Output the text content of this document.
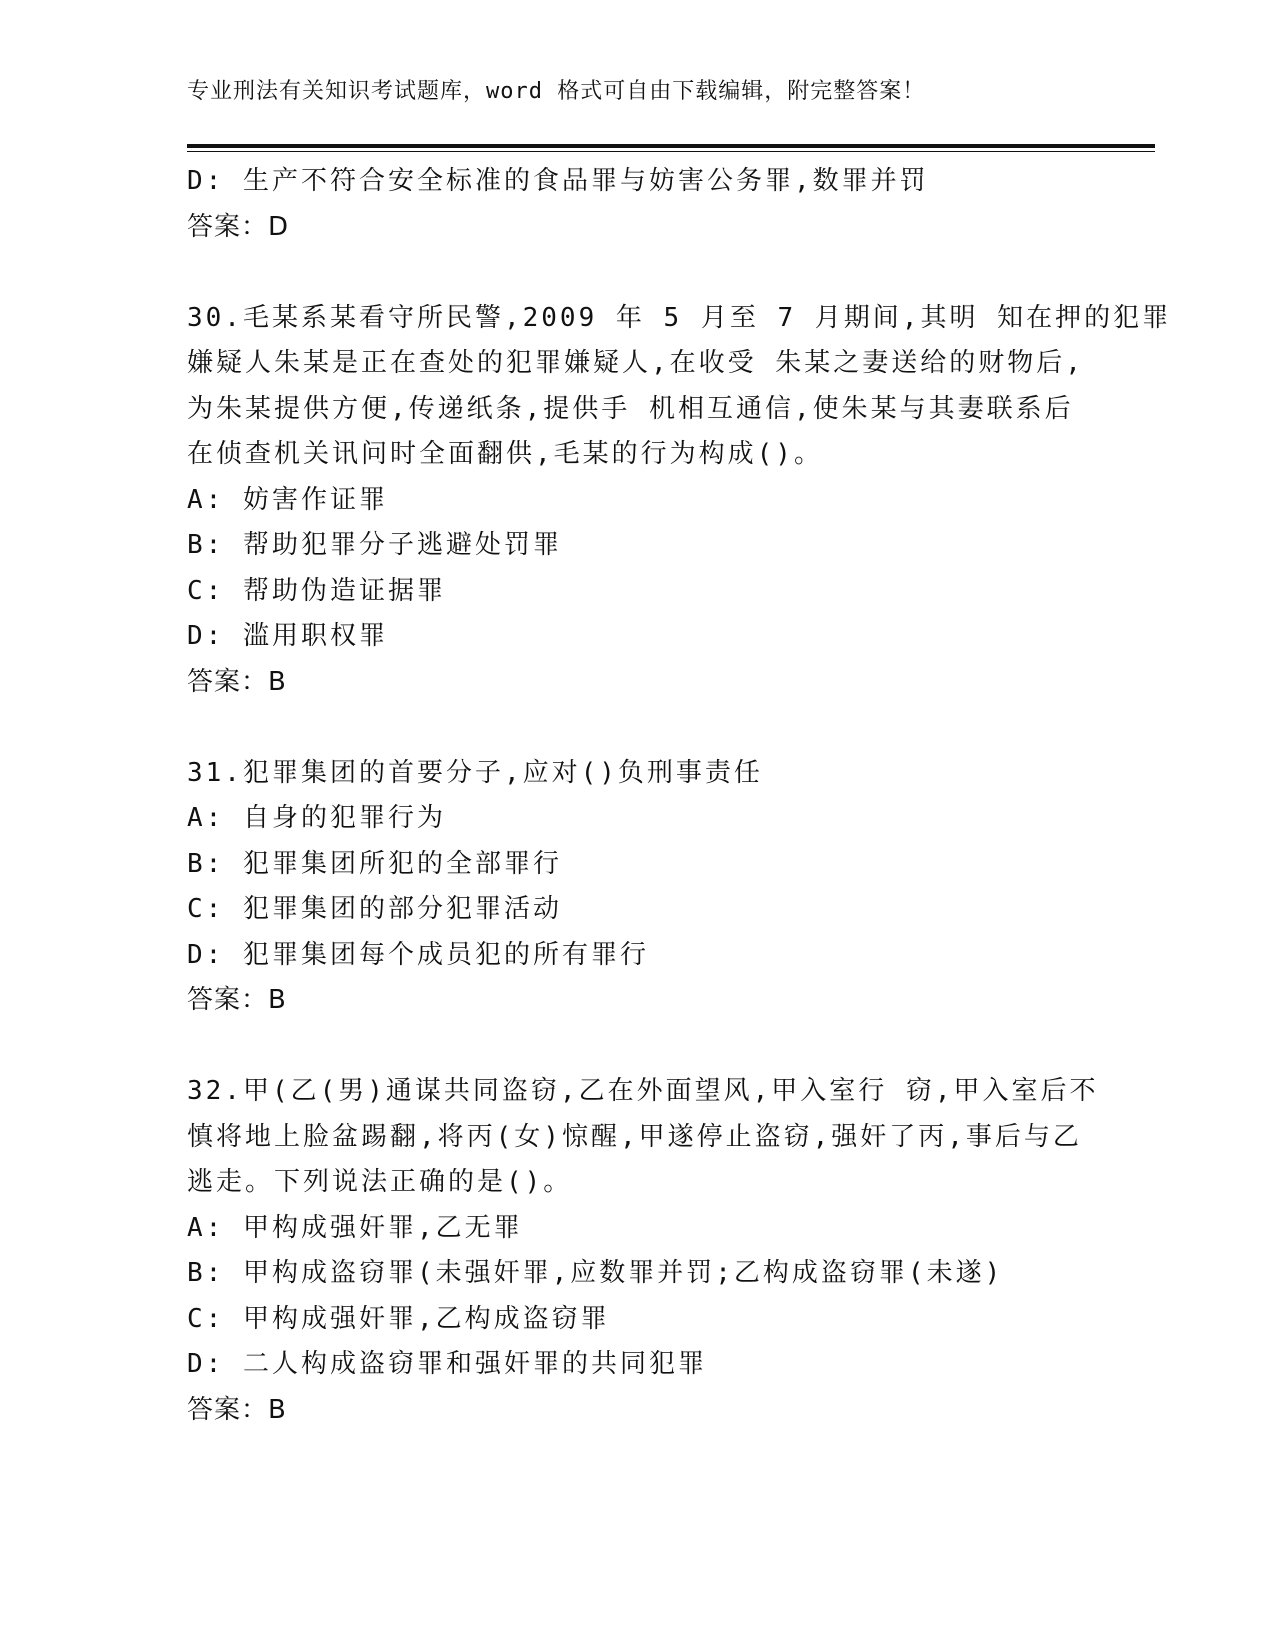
专业刑法有关知识考试题库，word 格式可自由下载编辑，附完整答案！
D: 生产不符合安全标准的食品罪与妨害公务罪,数罪并罚
答案：D
30.毛某系某看守所民警,2009 年 5 月至 7 月期间,其明 知在押的犯罪
嫌疑人朱某是正在查处的犯罪嫌疑人,在收受 朱某之妻送给的财物后,
为朱某提供方便,传递纸条,提供手 机相互通信,使朱某与其妻联系后
在侦查机关讯问时全面翻供,毛某的行为构成()。
A: 妨害作证罪
B: 帮助犯罪分子逃避处罚罪
C: 帮助伪造证据罪
D: 滥用职权罪
答案：B
31.犯罪集团的首要分子,应对()负刑事责任
A: 自身的犯罪行为
B: 犯罪集团所犯的全部罪行
C: 犯罪集团的部分犯罪活动
D: 犯罪集团每个成员犯的所有罪行
答案：B
32.甲(乙(男)通谋共同盗窃,乙在外面望风,甲入室行 窃,甲入室后不
慎将地上脸盆踢翻,将丙(女)惊醒,甲遂停止盗窃,强奸了丙,事后与乙
逃走。下列说法正确的是()。
A: 甲构成强奸罪,乙无罪
B: 甲构成盗窃罪(未强奸罪,应数罪并罚;乙构成盗窃罪(未遂)
C: 甲构成强奸罪,乙构成盗窃罪
D: 二人构成盗窃罪和强奸罪的共同犯罪
答案：B
